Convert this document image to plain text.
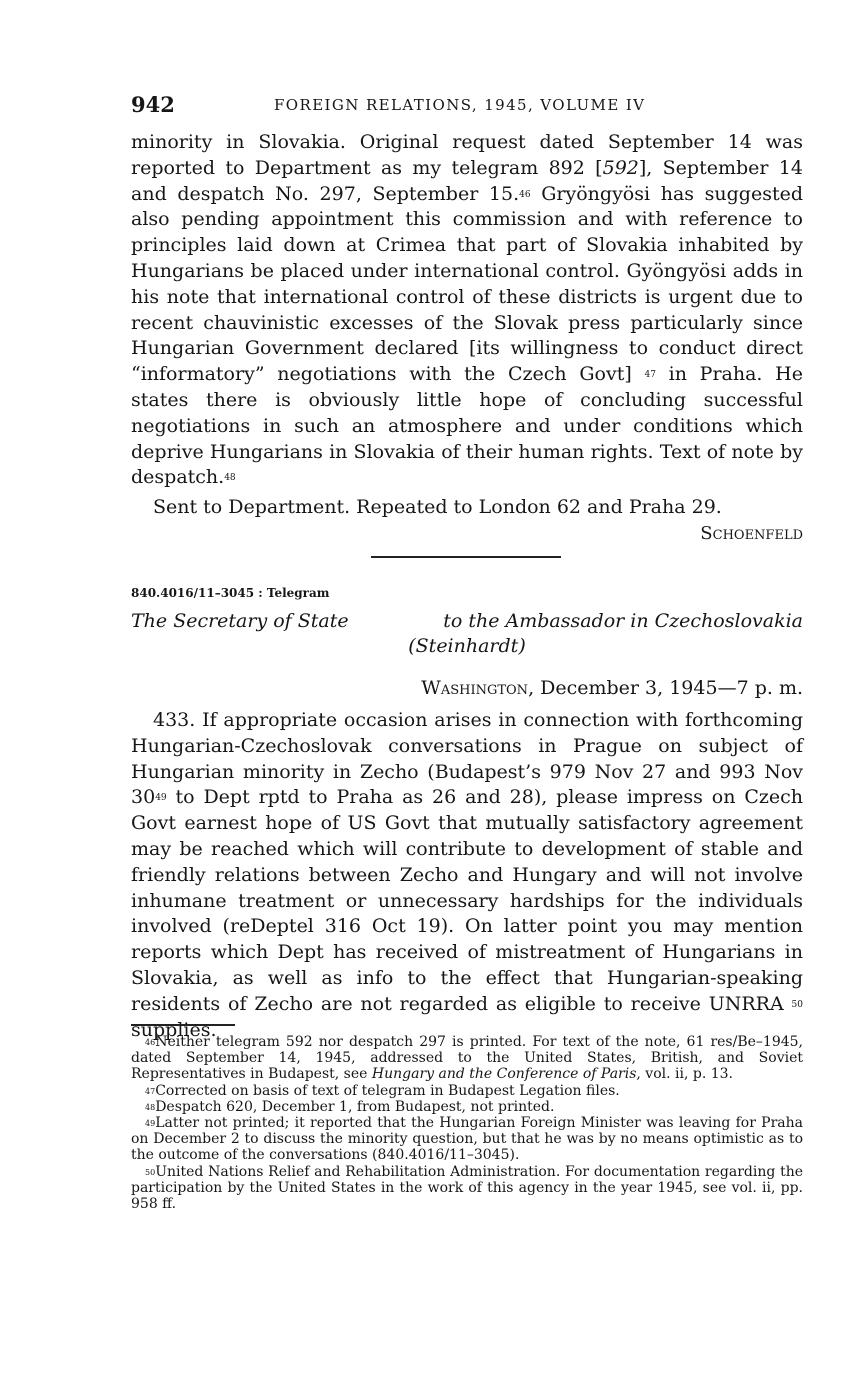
942	FOREIGN RELATIONS, 1945, VOLUME IV

minority in Slovakia. Original request dated September 14 was reported to Department as my telegram 892 [592], September 14 and despatch No. 297, September 15.46 Gryöngyösi has suggested also pending appointment this commission and with reference to principles laid down at Crimea that part of Slovakia inhabited by Hungarians be placed under international control. Gyöngyösi adds in his note that international control of these districts is urgent due to recent chauvinistic excesses of the Slovak press particularly since Hungarian Government declared [its willingness to conduct direct “informatory” negotiations with the Czech Govt] $^{47}$ in Praha. He states there is obviously little hope of concluding successful negotiations in such an atmosphere and under conditions which deprive Hungarians in Slovakia of their human rights. Text of note by despatch.$^{48}$

Sent to Department. Repeated to London 62 and Praha 29.

Schoenfeld

840.4016/11–3045 : Telegram
The Secretary of State	to the Ambassador in Czechoslovakia
(Steinhardt)
Washington, December 3, 1945—7 p. m.

433. If appropriate occasion arises in connection with forthcoming Hungarian-Czechoslovak conversations in Prague on subject of Hungarian minority in Zecho (Budapest’s 979 Nov 27 and 993 Nov $30^{49}$ to Dept rptd to Praha as 26 and 28), please impress on Czech Govt earnest hope of US Govt that mutually satisfactory agreement may be reached which will contribute to development of stable and friendly relations between Zecho and Hungary and will not involve inhumane treatment or unnecessary hardships for the individuals involved (reDeptel 316 Oct 19). On latter point you may mention reports which Dept has received of mistreatment of Hungarians in Slovakia, as well as info to the effect that Hungarian-speaking residents of Zecho are not regarded as eligible to receive UNRRA $^{50}$ supplies.

$^{46}$Neither telegram 592 nor despatch 297 is printed. For text of the note, 61 res/Be–1945, dated September 14, 1945, addressed to the United States, British, and Soviet Representatives in Budapest, see Hungary and the Conference of Paris, vol. ii, p. 13.

$^{47}$Corrected on basis of text of telegram in Budapest Legation files.

$^{48}$Despatch 620, December 1, from Budapest, not printed.

$^{49}$Latter not printed; it reported that the Hungarian Foreign Minister was leaving for Praha on December 2 to discuss the minority question, but that he was by no means optimistic as to the outcome of the conversations (840.4016/11–3045).

$^{50}$United Nations Relief and Rehabilitation Administration. For documentation regarding the participation by the United States in the work of this agency in the year 1945, see vol. ii, pp. 958 ff.
